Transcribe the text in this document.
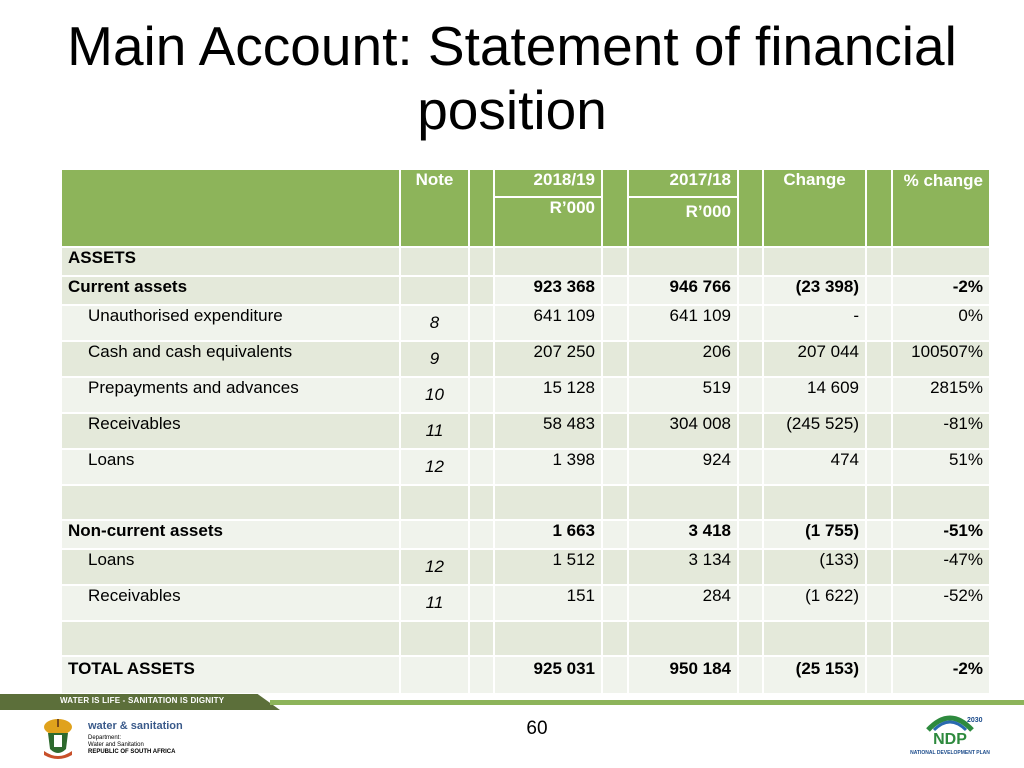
Main Account: Statement of financial position
	Note		2018/19		2017/18		Change		% change
			R’000		R’000				
ASSETS									
Current assets			923 368		946 766		(23 398)		-2%
Unauthorised expenditure	8		641 109		641 109		-		0%
Cash and cash equivalents	9		207 250		206		207 044		100507%
Prepayments and advances	10		15 128		519		14 609		2815%
Receivables	11		58 483		304 008		(245 525)		-81%
Loans	12		1 398		924		474		51%

Non-current assets			1 663		3 418		(1 755)		-51%
Loans	12		1 512		3 134		(133)		-47%
Receivables	11		151		284		(1 622)		-52%

TOTAL ASSETS			925 031		950 184		(25 153)		-2%
WATER IS LIFE - SANITATION IS DIGNITY
water & sanitation
Department:
Water and Sanitation
REPUBLIC OF SOUTH AFRICA
60	2030
NDP
NATIONAL DEVELOPMENT PLAN
